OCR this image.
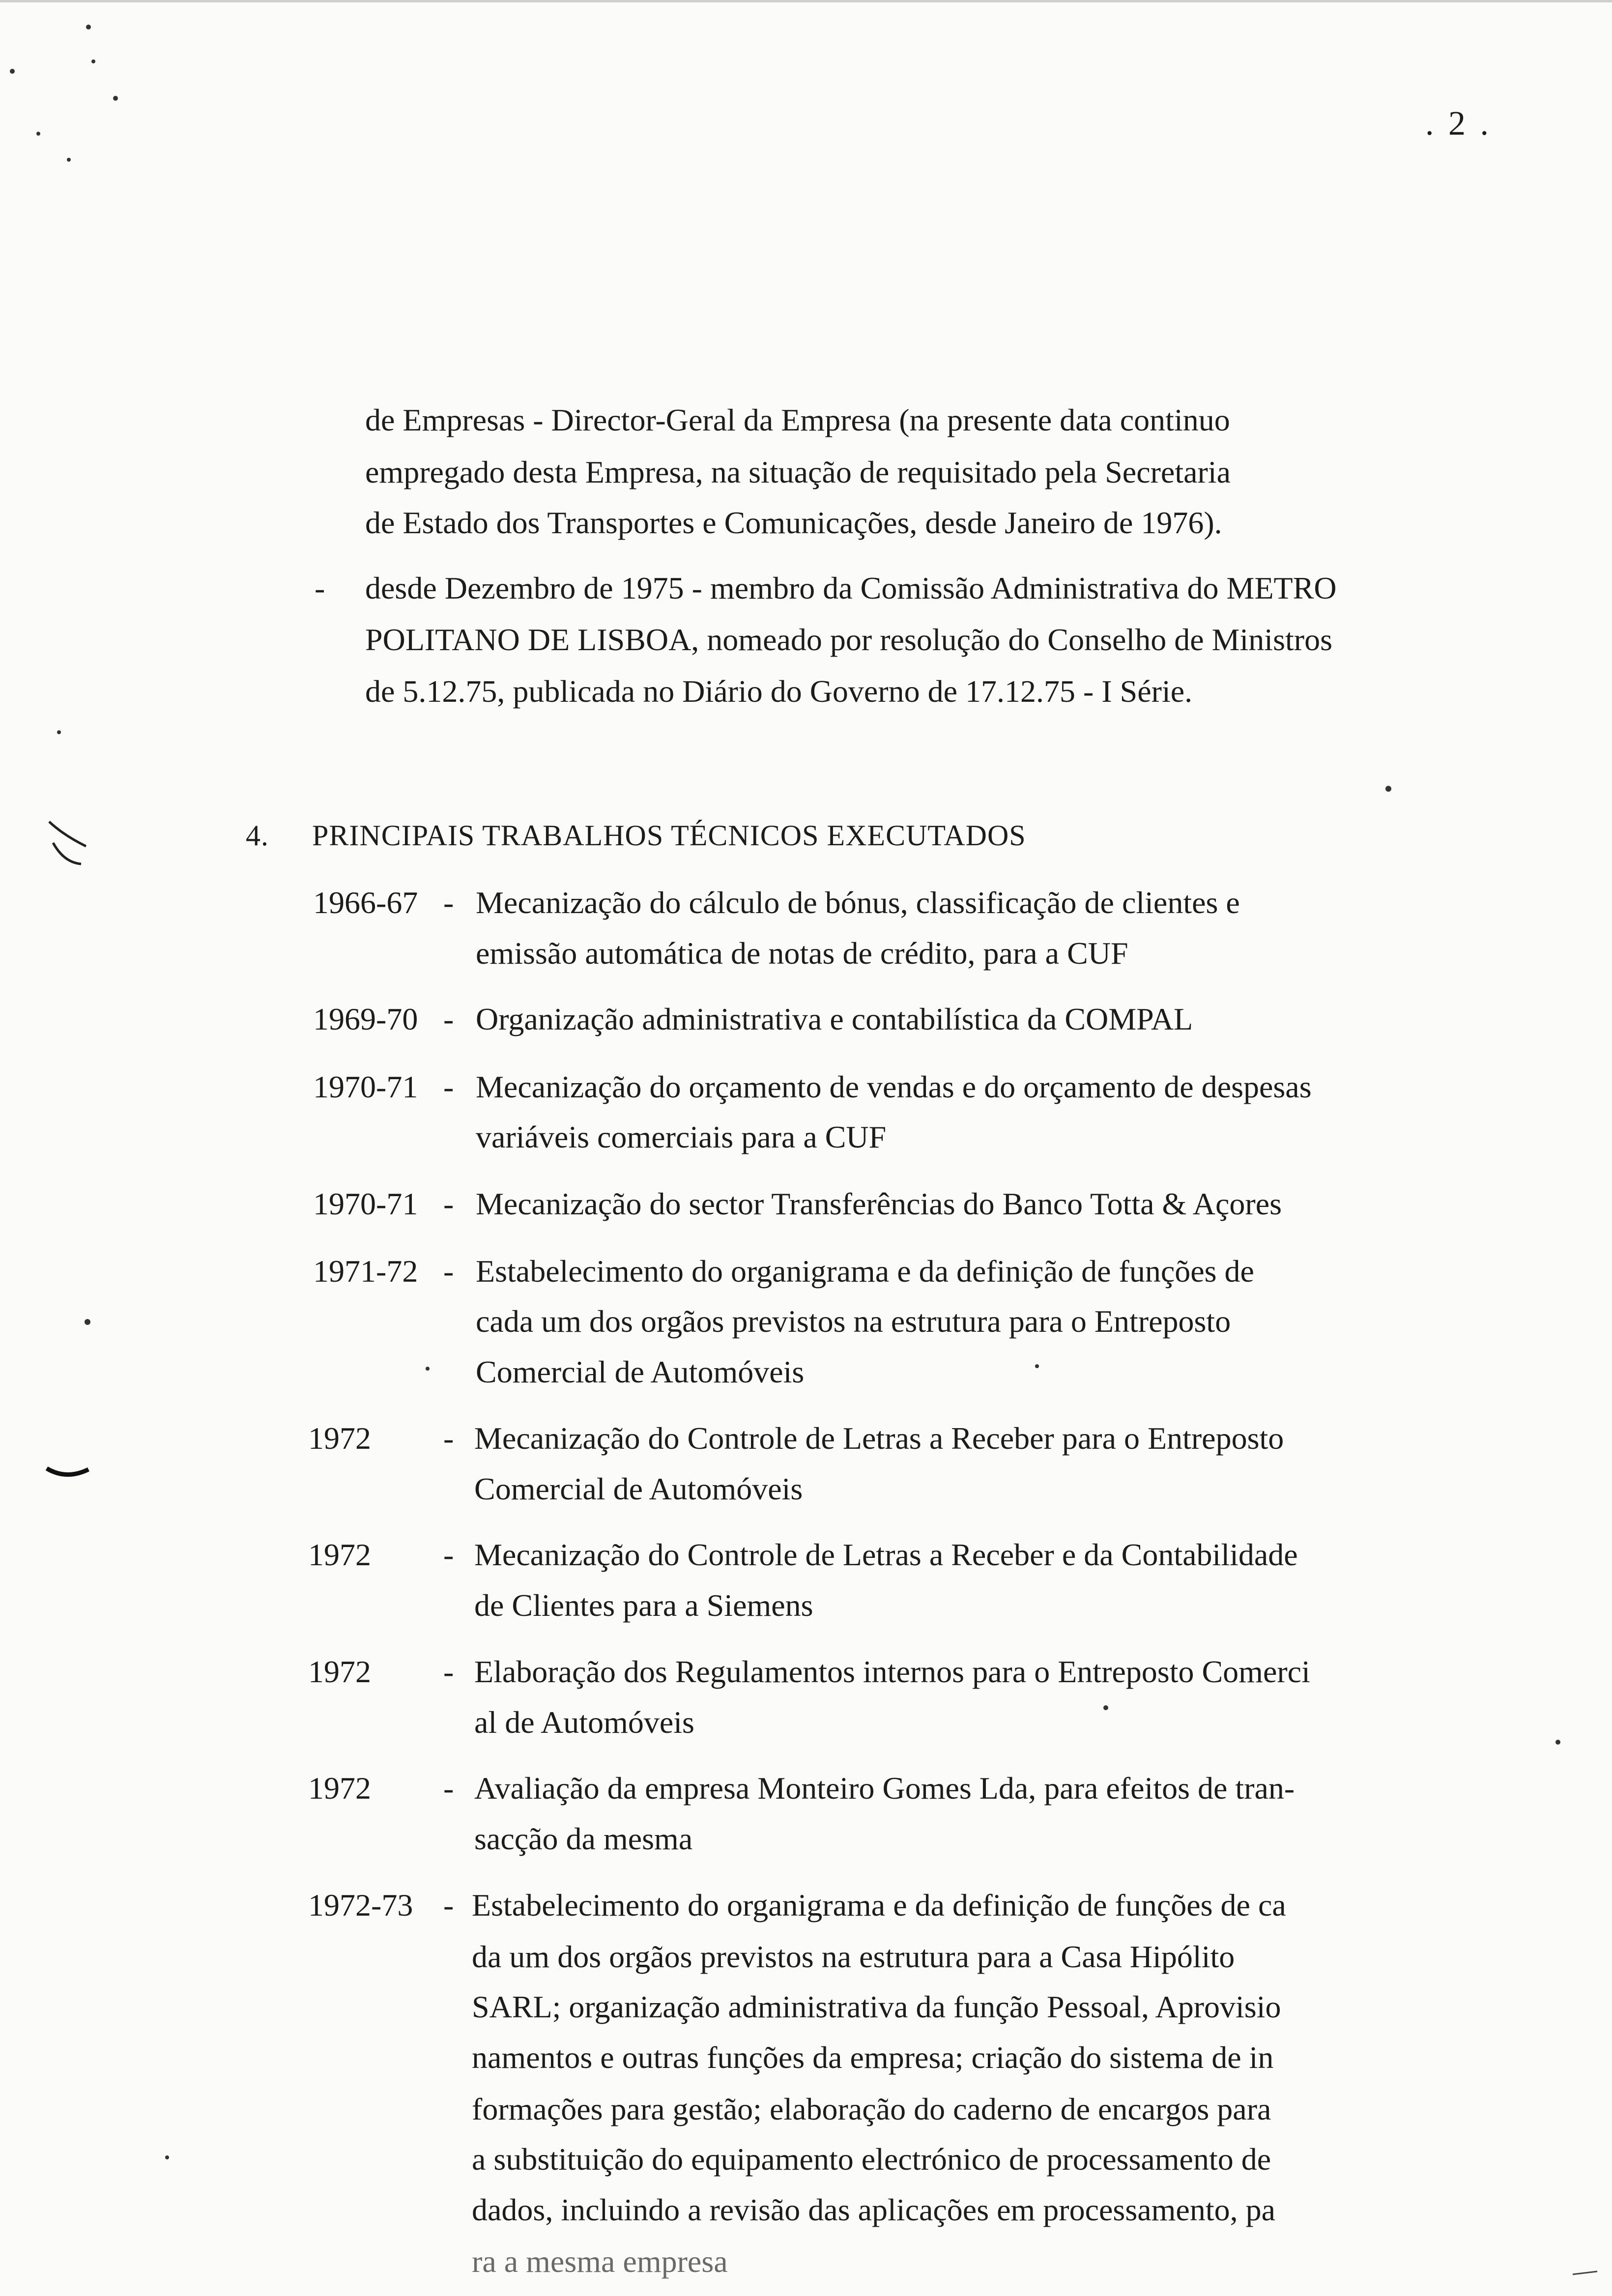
. 2 .
de Empresas - Director-Geral da Empresa (na presente data continuo
empregado desta Empresa, na situação de requisitado pela Secretaria
de Estado dos Transportes e Comunicações, desde Janeiro de 1976).
- desde Dezembro de 1975 - membro da Comissão Administrativa do METRO
POLITANO DE LISBOA, nomeado por resolução do Conselho de Ministros
de 5.12.75, publicada no Diário do Governo de 17.12.75 - I Série.
4. PRINCIPAIS TRABALHOS TÉCNICOS EXECUTADOS
1966-67 - Mecanização do cálculo de bónus, classificação de clientes e
emissão automática de notas de crédito, para a CUF
1969-70 - Organização administrativa e contabilística da COMPAL
1970-71 - Mecanização do orçamento de vendas e do orçamento de despesas
variáveis comerciais para a CUF
1970-71 - Mecanização do sector Transferências do Banco Totta & Açores
1971-72 - Estabelecimento do organigrama e da definição de funções de
cada um dos orgãos previstos na estrutura para o Entreposto
Comercial de Automóveis
1972 - Mecanização do Controle de Letras a Receber para o Entreposto
Comercial de Automóveis
1972 - Mecanização do Controle de Letras a Receber e da Contabilidade
de Clientes para a Siemens
1972 - Elaboração dos Regulamentos internos para o Entreposto Comerci
al de Automóveis
1972 - Avaliação da empresa Monteiro Gomes Lda, para efeitos de tran-
sacção da mesma
1972-73 - Estabelecimento do organigrama e da definição de funções de ca
da um dos orgãos previstos na estrutura para a Casa Hipólito
SARL; organização administrativa da função Pessoal, Aprovisio
namentos e outras funções da empresa; criação do sistema de in
formações para gestão; elaboração do caderno de encargos para
a substituição do equipamento electrónico de processamento de
dados, incluindo a revisão das aplicações em processamento, pa
ra a mesma empresa
